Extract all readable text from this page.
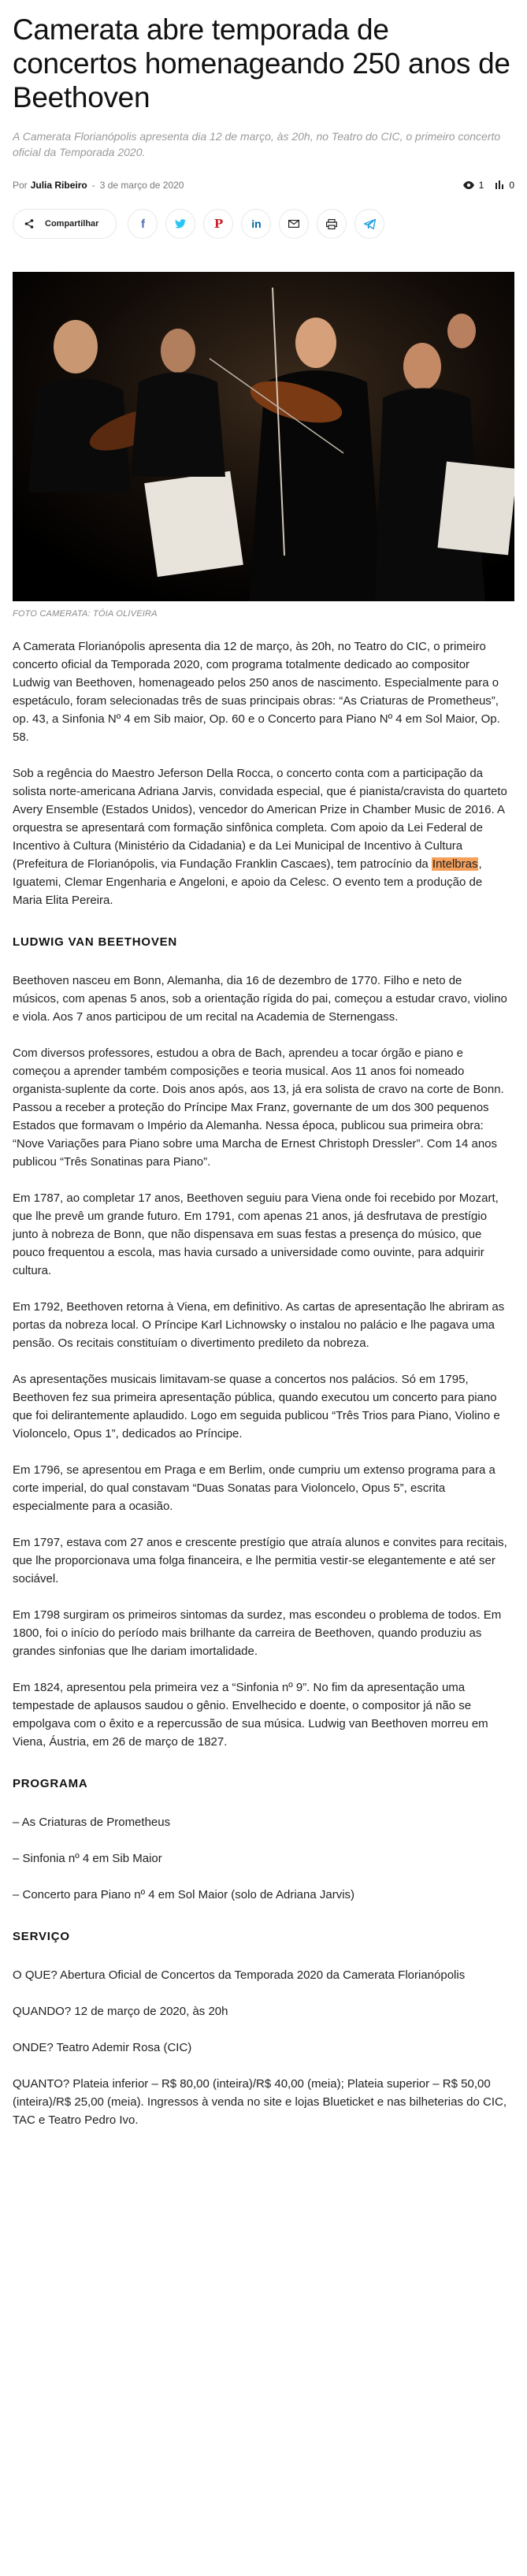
Camerata abre temporada de concertos homenageando 250 anos de Beethoven
A Camerata Florianópolis apresenta dia 12 de março, às 20h, no Teatro do CIC, o primeiro concerto oficial da Temporada 2020.
Por Julia Ribeiro - 3 de março de 2020	1	0
Compartilhar	f	P	in
FOTO CAMERATA: TÓIA OLIVEIRA

A Camerata Florianópolis apresenta dia 12 de março, às 20h, no Teatro do CIC, o primeiro concerto oficial da Temporada 2020, com programa totalmente dedicado ao compositor Ludwig van Beethoven, homenageado pelos 250 anos de nascimento. Especialmente para o espetáculo, foram selecionadas três de suas principais obras: “As Criaturas de Prometheus”, op. 43, a Sinfonia Nº 4 em Sib maior, Op. 60 e o Concerto para Piano Nº 4 em Sol Maior, Op. 58.

Sob a regência do Maestro Jeferson Della Rocca, o concerto conta com a participação da solista norte-americana Adriana Jarvis, convidada especial, que é pianista/cravista do quarteto Avery Ensemble (Estados Unidos), vencedor do American Prize in Chamber Music de 2016. A orquestra se apresentará com formação sinfônica completa. Com apoio da Lei Federal de Incentivo à Cultura (Ministério da Cidadania) e da Lei Municipal de Incentivo à Cultura (Prefeitura de Florianópolis, via Fundação Franklin Cascaes), tem patrocínio da Intelbras, Iguatemi, Clemar Engenharia e Angeloni, e apoio da Celesc. O evento tem a produção de Maria Elita Pereira.

LUDWIG VAN BEETHOVEN

Beethoven nasceu em Bonn, Alemanha, dia 16 de dezembro de 1770. Filho e neto de músicos, com apenas 5 anos, sob a orientação rígida do pai, começou a estudar cravo, violino e viola. Aos 7 anos participou de um recital na Academia de Sternengass.

Com diversos professores, estudou a obra de Bach, aprendeu a tocar órgão e piano e começou a aprender também composições e teoria musical. Aos 11 anos foi nomeado organista-suplente da corte. Dois anos após, aos 13, já era solista de cravo na corte de Bonn. Passou a receber a proteção do Príncipe Max Franz, governante de um dos 300 pequenos Estados que formavam o Império da Alemanha. Nessa época, publicou sua primeira obra: “Nove Variações para Piano sobre uma Marcha de Ernest Christoph Dressler”. Com 14 anos publicou “Três Sonatinas para Piano”.

Em 1787, ao completar 17 anos, Beethoven seguiu para Viena onde foi recebido por Mozart, que lhe prevê um grande futuro. Em 1791, com apenas 21 anos, já desfrutava de prestígio junto à nobreza de Bonn, que não dispensava em suas festas a presença do músico, que pouco frequentou a escola, mas havia cursado a universidade como ouvinte, para adquirir cultura.

Em 1792, Beethoven retorna à Viena, em definitivo. As cartas de apresentação lhe abriram as portas da nobreza local. O Príncipe Karl Lichnowsky o instalou no palácio e lhe pagava uma pensão. Os recitais constituíam o divertimento predileto da nobreza.

As apresentações musicais limitavam-se quase a concertos nos palácios. Só em 1795, Beethoven fez sua primeira apresentação pública, quando executou um concerto para piano que foi delirantemente aplaudido. Logo em seguida publicou “Três Trios para Piano, Violino e Violoncelo, Opus 1”, dedicados ao Príncipe.

Em 1796, se apresentou em Praga e em Berlim, onde cumpriu um extenso programa para a corte imperial, do qual constavam “Duas Sonatas para Violoncelo, Opus 5”, escrita especialmente para a ocasião.

Em 1797, estava com 27 anos e crescente prestígio que atraía alunos e convites para recitais, que lhe proporcionava uma folga financeira, e lhe permitia vestir-se elegantemente e até ser sociável.

Em 1798 surgiram os primeiros sintomas da surdez, mas escondeu o problema de todos. Em 1800, foi o início do período mais brilhante da carreira de Beethoven, quando produziu as grandes sinfonias que lhe dariam imortalidade.

Em 1824, apresentou pela primeira vez a “Sinfonia nº 9”. No fim da apresentação uma tempestade de aplausos saudou o gênio. Envelhecido e doente, o compositor já não se empolgava com o êxito e a repercussão de sua música. Ludwig van Beethoven morreu em Viena, Áustria, em 26 de março de 1827.

PROGRAMA

– As Criaturas de Prometheus

– Sinfonia nº 4 em Sib Maior

– Concerto para Piano nº 4 em Sol Maior (solo de Adriana Jarvis)

SERVIÇO

O QUE? Abertura Oficial de Concertos da Temporada 2020 da Camerata Florianópolis

QUANDO? 12 de março de 2020, às 20h

ONDE? Teatro Ademir Rosa (CIC)

QUANTO? Plateia inferior – R$ 80,00 (inteira)/R$ 40,00 (meia); Plateia superior – R$ 50,00 (inteira)/R$ 25,00 (meia). Ingressos à venda no site e lojas Blueticket e nas bilheterias do CIC, TAC e Teatro Pedro Ivo.
